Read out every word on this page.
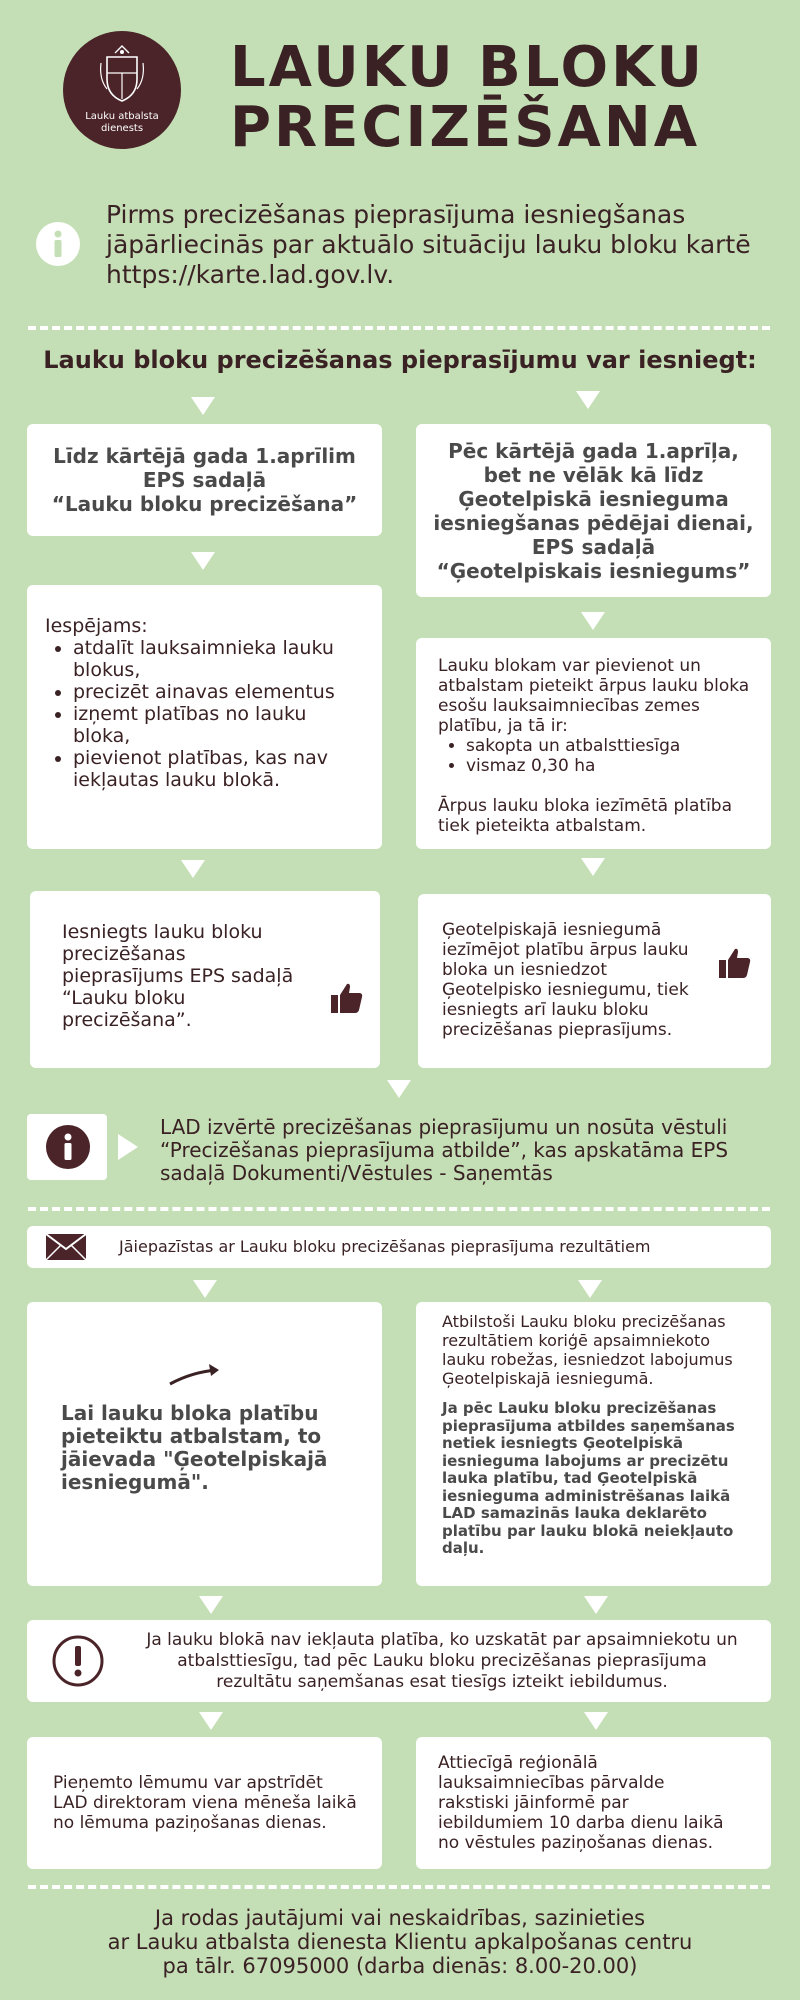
Lauku atbalsta dienests
LAUKU BLOKU
PRECIZĒŠANA
Pirms precizēšanas pieprasījuma iesniegšanas jāpārliecinās par aktuālo situāciju lauku bloku kartē https://karte.lad.gov.lv.
Lauku bloku precizēšanas pieprasījumu var iesniegt:
Līdz kārtējā gada 1.aprīlim
EPS sadaļā
“Lauku bloku precizēšana”
Iespējams:
• atdalīt lauksaimnieka lauku blokus,
• precizēt ainavas elementus
• izņemt platības no lauku bloka,
• pievienot platības, kas nav iekļautas lauku blokā.
Iesniegts lauku bloku precizēšanas pieprasījums EPS sadaļā “Lauku bloku precizēšana”.
Pēc kārtējā gada 1.aprīļa,
bet ne vēlāk kā līdz
Ģeotelpiskā iesnieguma
iesniegšanas pēdējai dienai,
EPS sadaļā
“Ģeotelpiskais iesniegums”
Lauku blokam var pievienot un atbalstam pieteikt ārpus lauku bloka esošu lauksaimniecības zemes platību, ja tā ir:
• sakopta un atbalsttiesīga
• vismaz 0,30 ha
Ārpus lauku bloka iezīmētā platība tiek pieteikta atbalstam.
Ģeotelpiskajā iesniegumā iezīmējot platību ārpus lauku bloka un iesniedzot Ģeotelpisko iesniegumu, tiek iesniegts arī lauku bloku precizēšanas pieprasījums.
LAD izvērtē precizēšanas pieprasījumu un nosūta vēstuli “Precizēšanas pieprasījuma atbilde”, kas apskatāma EPS sadaļā Dokumenti/Vēstules - Saņemtās
Jāiepazīstas ar Lauku bloku precizēšanas pieprasījuma rezultātiem
Lai lauku bloka platību pieteiktu atbalstam, to jāievada "Ģeotelpiskajā iesniegumā".
Atbilstoši Lauku bloku precizēšanas rezultātiem koriģē apsaimniekoto lauku robežas, iesniedzot labojumus Ģeotelpiskajā iesniegumā.
Ja pēc Lauku bloku precizēšanas pieprasījuma atbildes saņemšanas netiek iesniegts Ģeotelpiskā iesnieguma labojums ar precizētu lauka platību, tad Ģeotelpiskā iesnieguma administrēšanas laikā LAD samazinās lauka deklarēto platību par lauku blokā neiekļauto daļu.
Ja lauku blokā nav iekļauta platība, ko uzskatāt par apsaimniekotu un atbalsttiesīgu, tad pēc Lauku bloku precizēšanas pieprasījuma rezultātu saņemšanas esat tiesīgs izteikt iebildumus.
Pieņemto lēmumu var apstrīdēt LAD direktoram viena mēneša laikā no lēmuma paziņošanas dienas.
Attiecīgā reģionālā lauksaimniecības pārvalde rakstiski jāinformē par iebildumiem 10 darba dienu laikā no vēstules paziņošanas dienas.
Ja rodas jautājumi vai neskaidrības, sazinieties
ar Lauku atbalsta dienesta Klientu apkalpošanas centru
pa tālr. 67095000 (darba dienās: 8.00-20.00)
